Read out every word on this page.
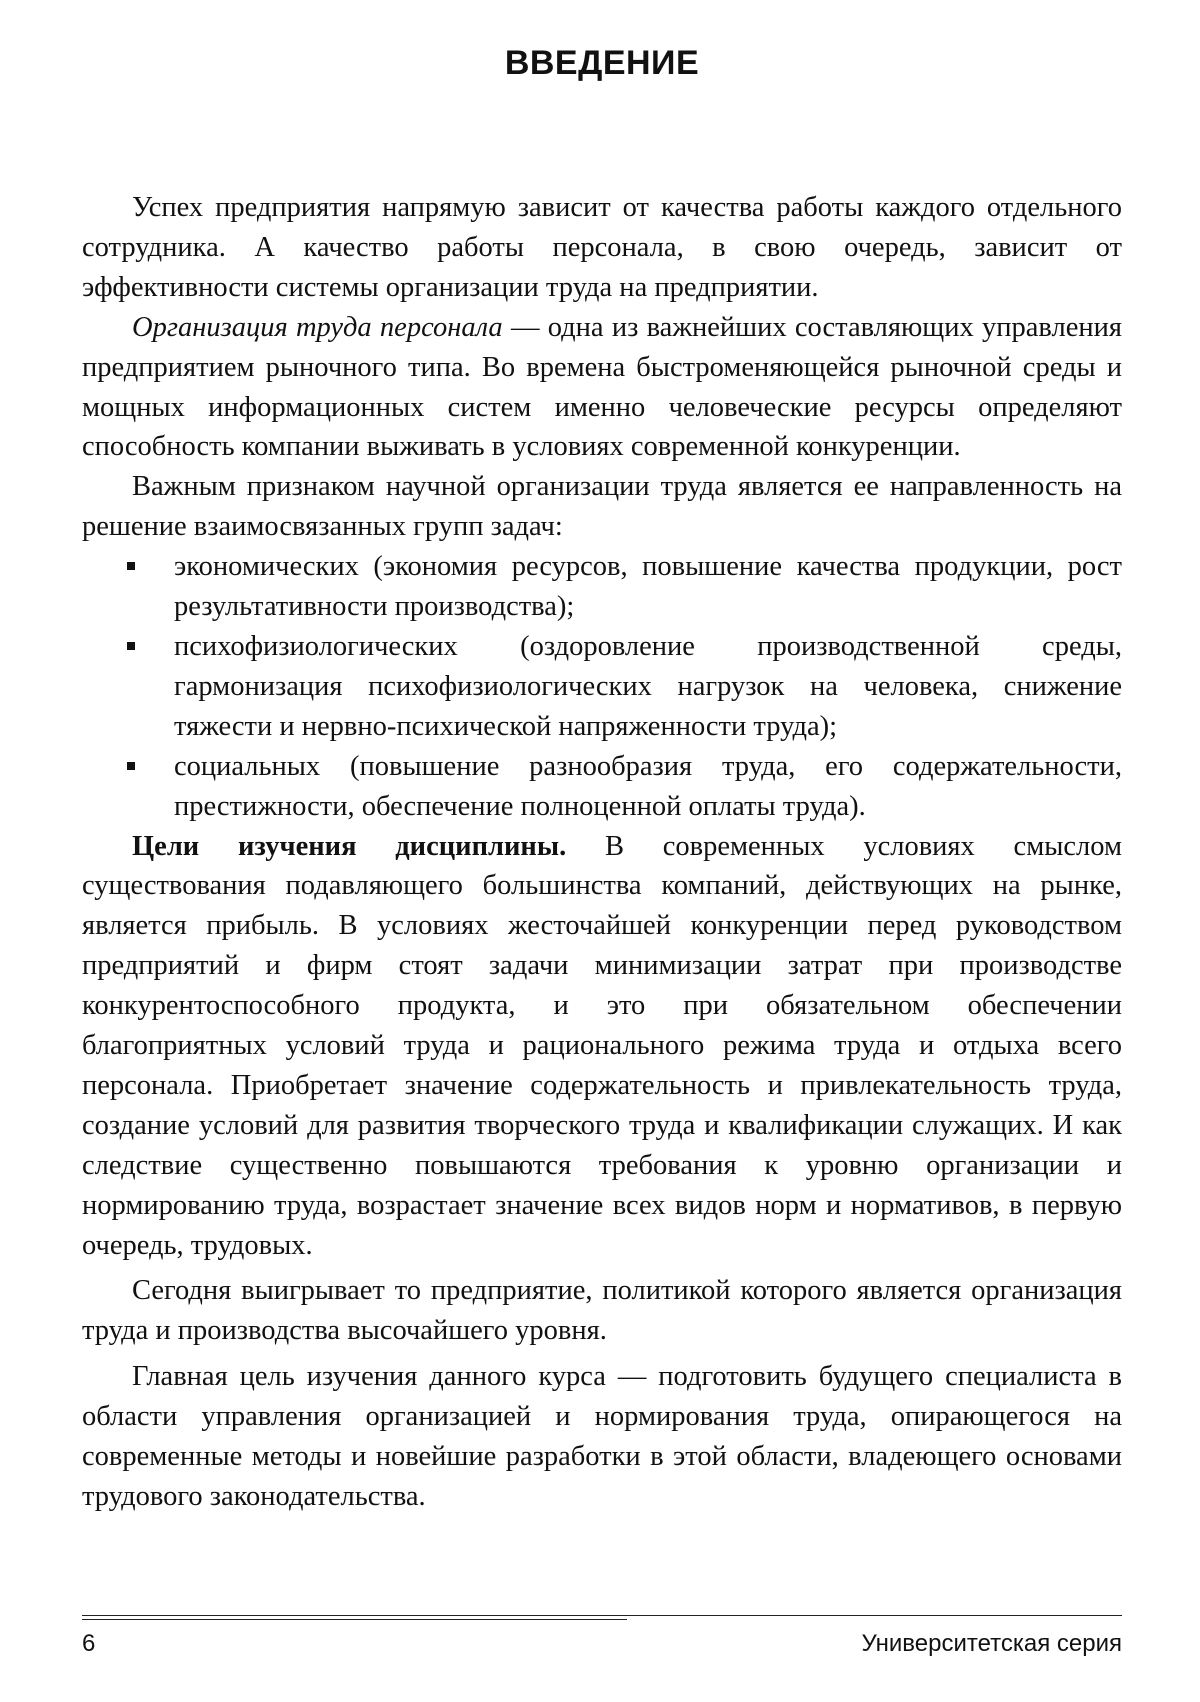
ВВЕДЕНИЕ

Успех предприятия напрямую зависит от качества работы каждого отдельного сотрудника. А качество работы персонала, в свою очередь, зависит от эффективности системы организации труда на предприятии.

Организация труда персонала — одна из важнейших составляющих управления предприятием рыночного типа. Во времена быстроменяющейся рыночной среды и мощных информационных систем именно человеческие ресурсы определяют способность компании выживать в условиях современной конкуренции.

Важным признаком научной организации труда является ее направленность на решение взаимосвязанных групп задач:

экономических (экономия ресурсов, повышение качества продукции, рост результативности производства);
психофизиологических (оздоровление производственной среды, гармонизация психофизиологических нагрузок на человека, снижение тяжести и нервно-психической напряженности труда);
социальных (повышение разнообразия труда, его содержательности, престижности, обеспечение полноценной оплаты труда).

Цели изучения дисциплины. В современных условиях смыслом существования подавляющего большинства компаний, действующих на рынке, является прибыль. В условиях жесточайшей конкуренции перед руководством предприятий и фирм стоят задачи минимизации затрат при производстве конкурентоспособного продукта, и это при обязательном обеспечении благоприятных условий труда и рационального режима труда и отдыха всего персонала. Приобретает значение содержательность и привлекательность труда, создание условий для развития творческого труда и квалификации служащих. И как следствие существенно повышаются требования к уровню организации и нормированию труда, возрастает значение всех видов норм и нормативов, в первую очередь, трудовых.

Сегодня выигрывает то предприятие, политикой которого является организация труда и производства высочайшего уровня.

Главная цель изучения данного курса — подготовить будущего специалиста в области управления организацией и нормирования труда, опирающегося на современные методы и новейшие разработки в этой области, владеющего основами трудового законодательства.

6	Университетская серия
